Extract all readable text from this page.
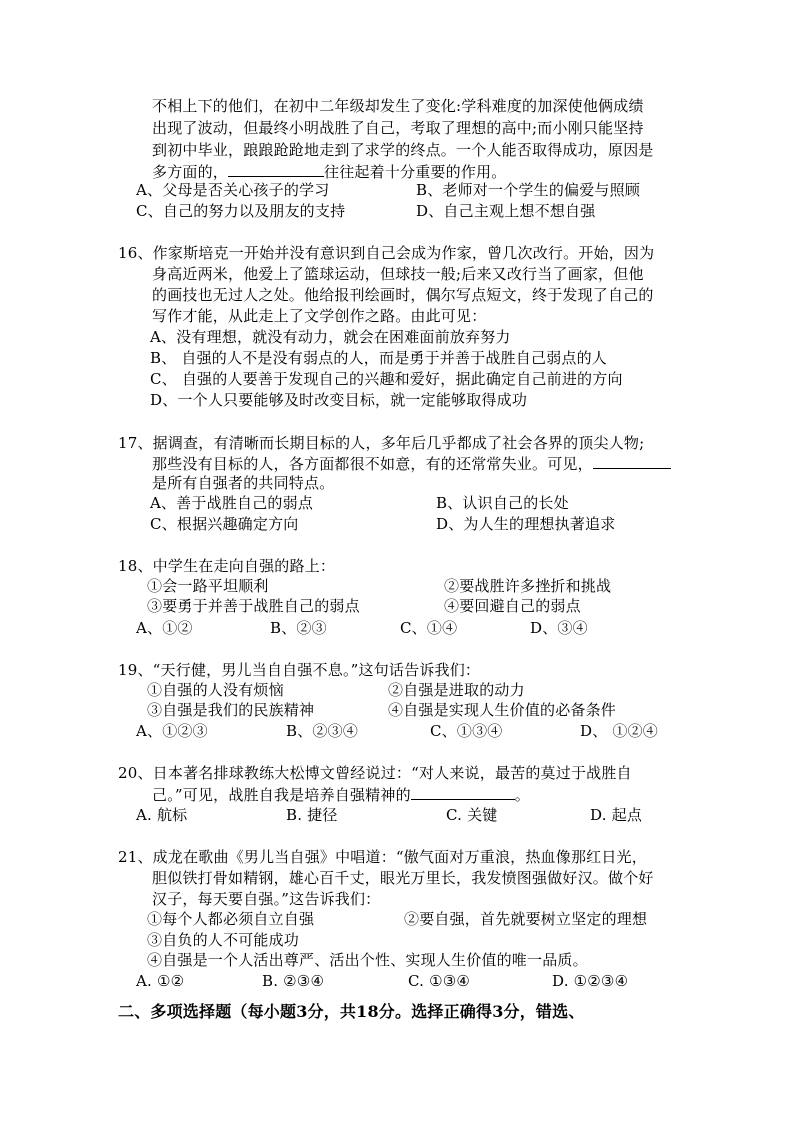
不相上下的他们，在初中二年级却发生了变化:学科难度的加深使他俩成绩
出现了波动，但最终小明战胜了自己，考取了理想的高中;而小刚只能坚持
到初中毕业，踉踉跄跄地走到了求学的终点。一个人能否取得成功，原因是
多方面的，	往往起着十分重要的作用。
A、父母是否关心孩子的学习	B、老师对一个学生的偏爱与照顾
C、自己的努力以及朋友的支持	D、自己主观上想不想自强
16、作家斯培克一开始并没有意识到自己会成为作家，曾几次改行。开始，因为
身高近两米，他爱上了篮球运动，但球技一般;后来又改行当了画家，但他
的画技也无过人之处。他给报刊绘画时，偶尔写点短文，终于发现了自己的
写作才能，从此走上了文学创作之路。由此可见：
A、没有理想，就没有动力，就会在困难面前放弃努力
B、 自强的人不是没有弱点的人，而是勇于并善于战胜自己弱点的人
C、 自强的人要善于发现自己的兴趣和爱好，据此确定自己前进的方向
D、一个人只要能够及时改变目标，就一定能够取得成功
17、据调查，有清晰而长期目标的人，多年后几乎都成了社会各界的顶尖人物;
那些没有目标的人，各方面都很不如意，有的还常常失业。可见，
是所有自强者的共同特点。
A、善于战胜自己的弱点	B、认识自己的长处
C、根据兴趣确定方向	D、为人生的理想执著追求
18、中学生在走向自强的路上：
①会一路平坦顺利	②要战胜许多挫折和挑战
③要勇于并善于战胜自己的弱点	④要回避自己的弱点
A、①②	B、②③	C、①④	D、③④
19、“天行健，男儿当自自强不息。”这句话告诉我们：
①自强的人没有烦恼	②自强是进取的动力
③自强是我们的民族精神	④自强是实现人生价值的必备条件
A、①②③	B、②③④	C、①③④	D、 ①②④
20、日本著名排球教练大松博文曾经说过：“对人来说，最苦的莫过于战胜自
己。”可见，战胜自我是培养自强精神的	。
A. 航标	B. 捷径	C. 关键	D. 起点
21、成龙在歌曲《男儿当自强》中唱道：“傲气面对万重浪，热血像那红日光，
胆似铁打骨如精钢，雄心百千丈，眼光万里长，我发愤图强做好汉。做个好
汉子，每天要自强。”这告诉我们：
①每个人都必须自立自强	②要自强，首先就要树立坚定的理想
③自负的人不可能成功
④自强是一个人活出尊严、活出个性、实现人生价值的唯一品质。
A. ①②	B. ②③④	C. ①③④	D. ①②③④
二、多项选择题（每小题3分，共18分。选择正确得3分，错选、
